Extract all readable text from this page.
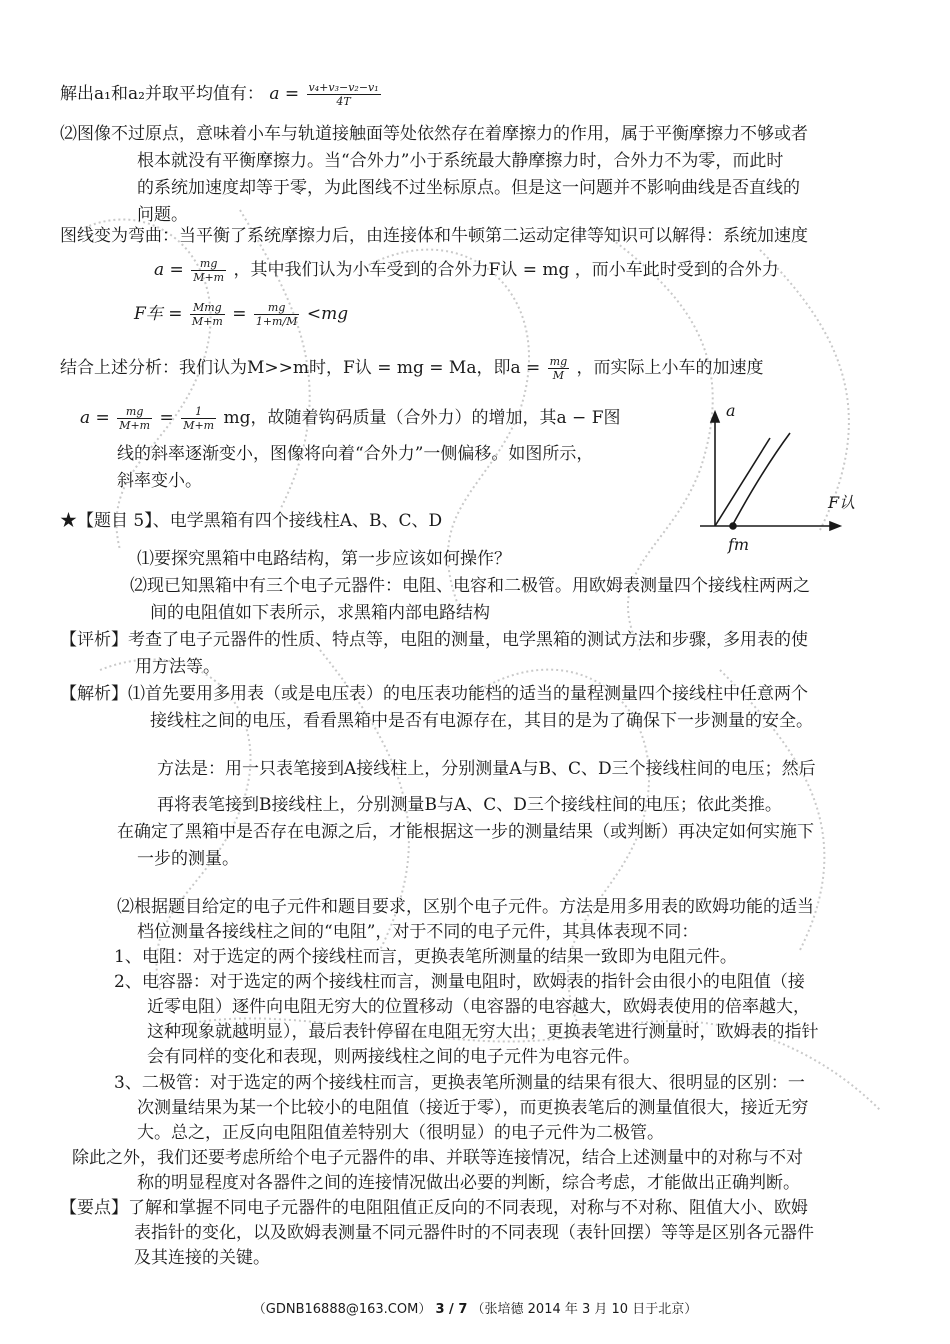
解出a₁和a₂并取平均值有： $a = \frac{\text{v₄+v₃−v₂−v₁}}{4T}$
⑵图像不过原点，意味着小车与轨道接触面等处依然存在着摩擦力的作用，属于平衡摩擦力不够或者
根本就没有平衡摩擦力。当“合外力”小于系统最大静摩擦力时，合外力不为零，而此时
的系统加速度却等于零，为此图线不过坐标原点。但是这一问题并不影响曲线是否直线的
问题。
图线变为弯曲：当平衡了系统摩擦力后，由连接体和牛顿第二运动定律等知识可以解得：系统加速度
$a = \frac{mg}{M+m}$ ，其中我们认为小车受到的合外力F认 = mg ，而小车此时受到的合外力
F车 = $\frac{\text{Mmg}}{M+m} = \frac{mg}{1+m/M} <mg$
结合上述分析：我们认为M>>m时，F认 = mg = Ma，即$a = \frac{mg}{M}$ ，而实际上小车的加速度
$a = \frac{mg}{M+m} = \frac{1}{M+m}$ mg，故随着钩码质量（合外力）的增加，其a − F图
线的斜率逐渐变小，图像将向着“合外力”一侧偏移。如图所示，
斜率变小。
a
F认
fm
★【题目 5】、电学黑箱有四个接线柱A、B、C、D
⑴要探究黑箱中电路结构，第一步应该如何操作？
⑵现已知黑箱中有三个电子元器件：电阻、电容和二极管。用欧姆表测量四个接线柱两两之
间的电阻值如下表所示，求黑箱内部电路结构
【评析】考查了电子元器件的性质、特点等，电阻的测量，电学黑箱的测试方法和步骤，多用表的使
用方法等。
【解析】⑴首先要用多用表（或是电压表）的电压表功能档的适当的量程测量四个接线柱中任意两个
接线柱之间的电压，看看黑箱中是否有电源存在，其目的是为了确保下一步测量的安全。
方法是：用一只表笔接到A接线柱上，分别测量A与B、C、D三个接线柱间的电压；然后
再将表笔接到B接线柱上，分别测量B与A、C、D三个接线柱间的电压；依此类推。
在确定了黑箱中是否存在电源之后，才能根据这一步的测量结果（或判断）再决定如何实施下
一步的测量。
⑵根据题目给定的电子元件和题目要求，区别个电子元件。方法是用多用表的欧姆功能的适当
档位测量各接线柱之间的“电阻”，对于不同的电子元件，其具体表现不同：
1、电阻：对于选定的两个接线柱而言，更换表笔所测量的结果一致即为电阻元件。
2、电容器：对于选定的两个接线柱而言，测量电阻时，欧姆表的指针会由很小的电阻值（接
近零电阻）逐件向电阻无穷大的位置移动（电容器的电容越大，欧姆表使用的倍率越大，
这种现象就越明显），最后表针停留在电阻无穷大出；更换表笔进行测量时，欧姆表的指针
会有同样的变化和表现，则两接线柱之间的电子元件为电容元件。
3、二极管：对于选定的两个接线柱而言，更换表笔所测量的结果有很大、很明显的区别：一
次测量结果为某一个比较小的电阻值（接近于零），而更换表笔后的测量值很大，接近无穷
大。总之，正反向电阻阻值差特别大（很明显）的电子元件为二极管。
除此之外，我们还要考虑所给个电子元器件的串、并联等连接情况，结合上述测量中的对称与不对
称的明显程度对各器件之间的连接情况做出必要的判断，综合考虑，才能做出正确判断。
【要点】了解和掌握不同电子元器件的电阻阻值正反向的不同表现，对称与不对称、阻值大小、欧姆
表指针的变化，以及欧姆表测量不同元器件时的不同表现（表针回摆）等等是区别各元器件
及其连接的关键。
（GDNB16888@163.COM） 3 / 7 （张培德 2014 年 3 月 10 日于北京）
